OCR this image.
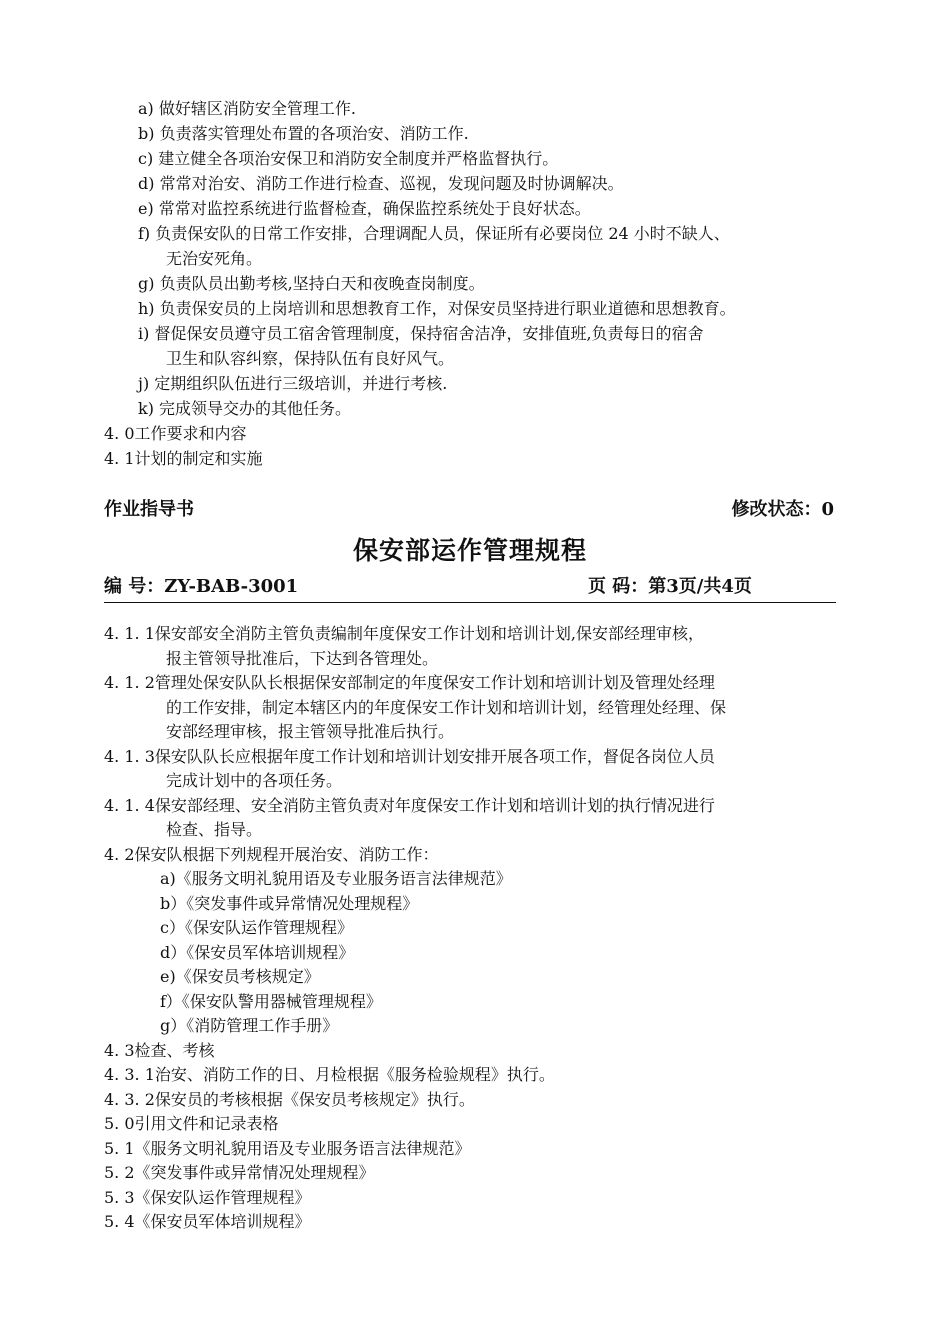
a) 做好辖区消防安全管理工作.
b) 负责落实管理处布置的各项治安、消防工作.
c) 建立健全各项治安保卫和消防安全制度并严格监督执行。
d) 常常对治安、消防工作进行检查、巡视，发现问题及时协调解决。
e) 常常对监控系统进行监督检查，确保监控系统处于良好状态。
f) 负责保安队的日常工作安排，合理调配人员，保证所有必要岗位 24 小时不缺人、
无治安死角。
g) 负责队员出勤考核,坚持白天和夜晚查岗制度。
h) 负责保安员的上岗培训和思想教育工作，对保安员坚持进行职业道德和思想教育。
i) 督促保安员遵守员工宿舍管理制度，保持宿舍洁净，安排值班,负责每日的宿舍
卫生和队容纠察，保持队伍有良好风气。
j) 定期组织队伍进行三级培训，并进行考核.
k) 完成领导交办的其他任务。
4. 0工作要求和内容
4. 1计划的制定和实施
作业指导书	修改状态：0
保安部运作管理规程
编 号：ZY-BAB-3001	页 码：第3页/共4页
4. 1. 1保安部安全消防主管负责编制年度保安工作计划和培训计划,保安部经理审核，
报主管领导批准后，下达到各管理处。
4. 1. 2管理处保安队队长根据保安部制定的年度保安工作计划和培训计划及管理处经理
的工作安排，制定本辖区内的年度保安工作计划和培训计划，经管理处经理、保
安部经理审核，报主管领导批准后执行。
4. 1. 3保安队队长应根据年度工作计划和培训计划安排开展各项工作，督促各岗位人员
完成计划中的各项任务。
4. 1. 4保安部经理、安全消防主管负责对年度保安工作计划和培训计划的执行情况进行
检查、指导。
4. 2保安队根据下列规程开展治安、消防工作：
a)《服务文明礼貌用语及专业服务语言法律规范》
b）《突发事件或异常情况处理规程》
c）《保安队运作管理规程》
d）《保安员军体培训规程》
e)《保安员考核规定》
f）《保安队警用器械管理规程》
g）《消防管理工作手册》
4. 3检查、考核
4. 3. 1治安、消防工作的日、月检根据《服务检验规程》执行。
4. 3. 2保安员的考核根据《保安员考核规定》执行。
5. 0引用文件和记录表格
5. 1《服务文明礼貌用语及专业服务语言法律规范》
5. 2《突发事件或异常情况处理规程》
5. 3《保安队运作管理规程》
5. 4《保安员军体培训规程》
